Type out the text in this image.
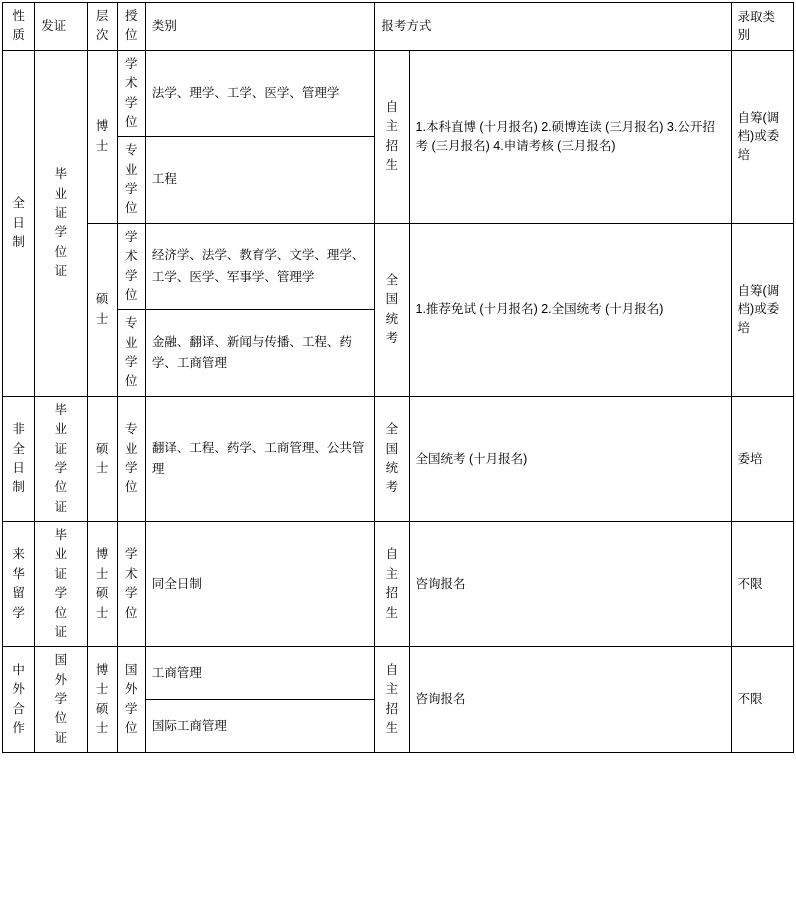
性质	发证	层次	授位	类别	报考方式		录取类别

全日制	毕业证学位证	博士	学术学位	法学、理学、工学、医学、管理学	自主招生	1.本科直博 (十月报名) 2.硕博连读 (三月报名) 3.公开招考 (三月报名) 4.申请考核 (三月报名)	自筹(调档)或委培

			专业学位	工程			

		硕士	学术学位	经济学、法学、教育学、文学、理学、工学、医学、军事学、管理学	全国统考	1.推荐免试 (十月报名) 2.全国统考 (十月报名)	自筹(调档)或委培

			专业学位	金融、翻译、新闻与传播、工程、药学、工商管理			

非全日制	毕业证学位证	硕士	专业学位	翻译、工程、药学、工商管理、公共管理	全国统考	全国统考 (十月报名)	委培

来华留学	毕业证学位证	博士硕士	学术学位	同全日制	自主招生	咨询报名	不限

中外合作	国外学位证	博士硕士	国外学位	工商管理	自主招生	咨询报名	不限
				国际工商管理			
